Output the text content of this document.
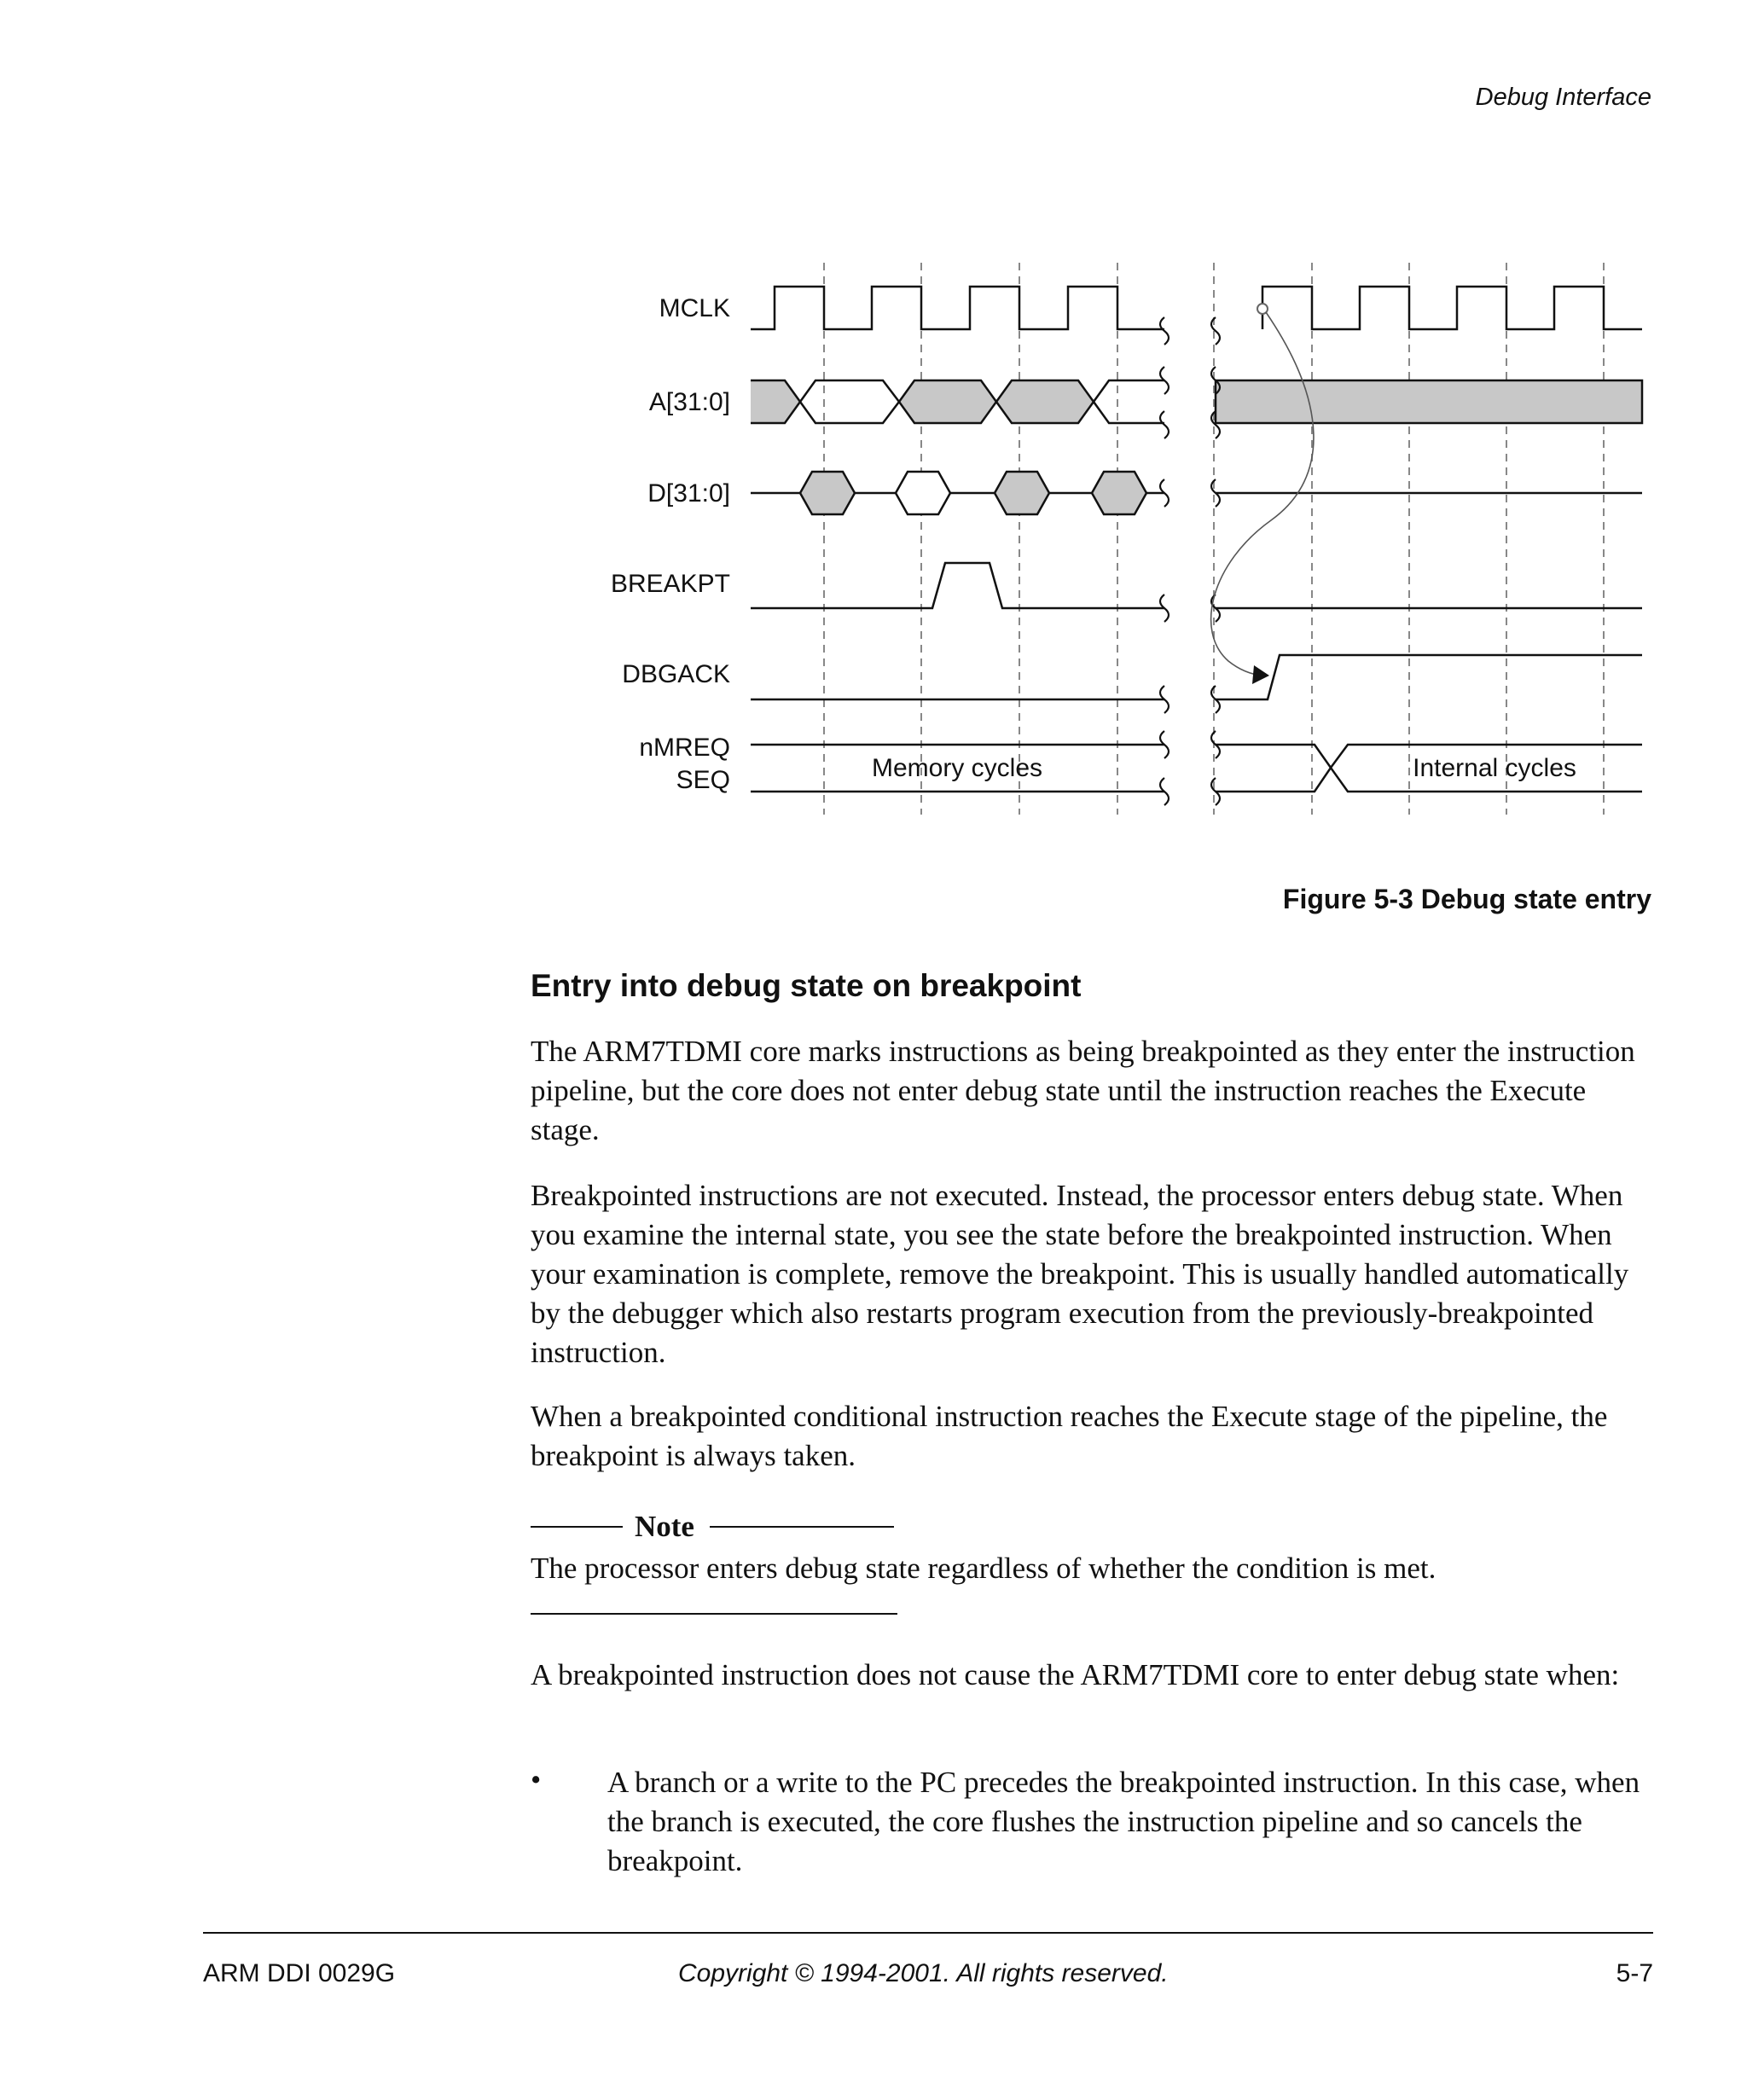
Debug Interface
MCLK
A[31:0]
D[31:0]
BREAKPT
DBGACK
nMREQ
SEQ	Memory cycles	Internal cycles
Figure 5-3 Debug state entry
Entry into debug state on breakpoint

The ARM7TDMI core marks instructions as being breakpointed as they enter the instruction pipeline, but the core does not enter debug state until the instruction reaches the Execute stage.

Breakpointed instructions are not executed. Instead, the processor enters debug state. When you examine the internal state, you see the state before the breakpointed instruction. When your examination is complete, remove the breakpoint. This is usually handled automatically by the debugger which also restarts program execution from the previously-breakpointed instruction.

When a breakpointed conditional instruction reaches the Execute stage of the pipeline, the breakpoint is always taken.

Note

The processor enters debug state regardless of whether the condition is met.

A breakpointed instruction does not cause the ARM7TDMI core to enter debug state when:

• A branch or a write to the PC precedes the breakpointed instruction. In this case, when the branch is executed, the core flushes the instruction pipeline and so cancels the breakpoint.

ARM DDI 0029G	Copyright © 1994-2001. All rights reserved.	5-7
